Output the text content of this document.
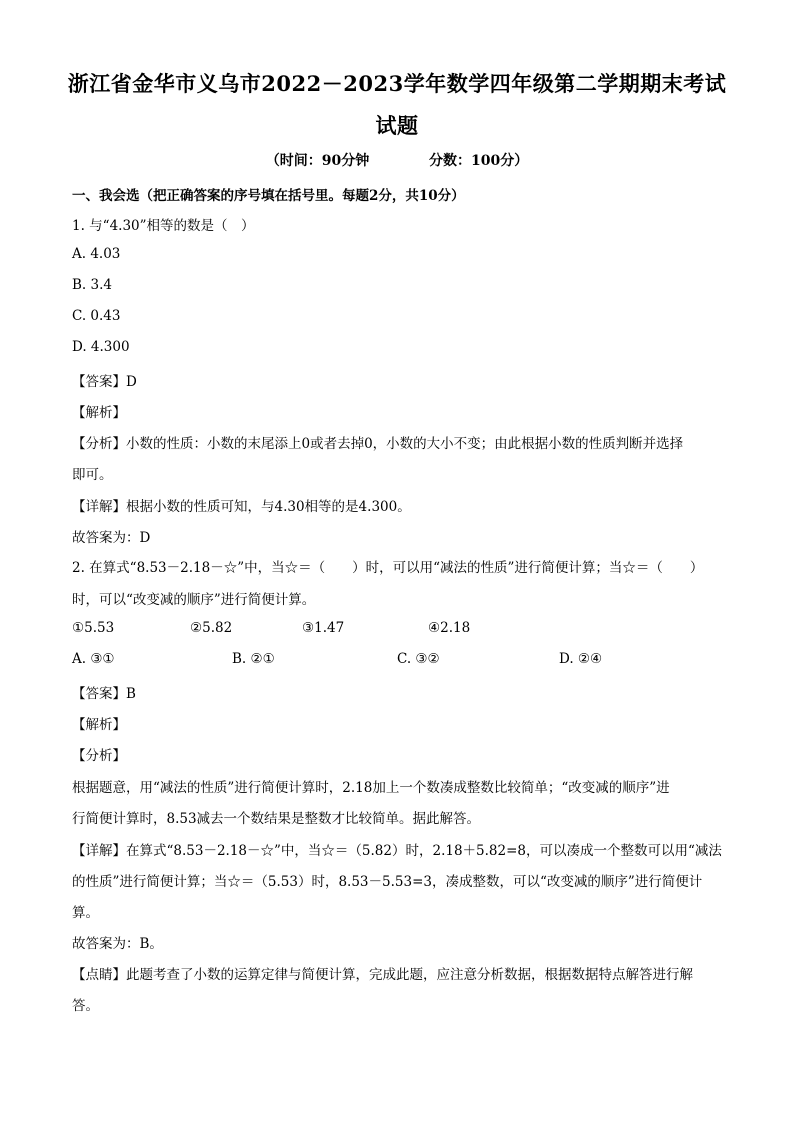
浙江省金华市义乌市2022－2023学年数学四年级第二学期期末考试
试题
（时间：90分钟	分数：100分）
一、我会选（把正确答案的序号填在括号里。每题2分，共10分）
1. 与“4.30”相等的数是（　）
A. 4.03
B. 3.4
C. 0.43
D. 4.300
【答案】D
【解析】
【分析】小数的性质：小数的末尾添上0或者去掉0，小数的大小不变；由此根据小数的性质判断并选择
即可。
【详解】根据小数的性质可知，与4.30相等的是4.300。
故答案为：D
2. 在算式“8.53－2.18－☆”中，当☆＝（　　）时，可以用“减法的性质”进行简便计算；当☆＝（　　）
时，可以“改变减的顺序”进行简便计算。
①5.53	②5.82	③1.47	④2.18
A. ③①	B. ②①	C. ③②	D. ②④
【答案】B
【解析】
【分析】
根据题意，用“减法的性质”进行简便计算时，2.18加上一个数凑成整数比较简单；“改变减的顺序”进
行简便计算时，8.53减去一个数结果是整数才比较简单。据此解答。
【详解】在算式“8.53－2.18－☆”中，当☆＝（5.82）时，2.18＋5.82=8，可以凑成一个整数可以用“减法
的性质”进行简便计算；当☆＝（5.53）时，8.53－5.53=3，凑成整数，可以“改变减的顺序”进行简便计
算。
故答案为：B。
【点睛】此题考查了小数的运算定律与简便计算，完成此题，应注意分析数据，根据数据特点解答进行解
答。
